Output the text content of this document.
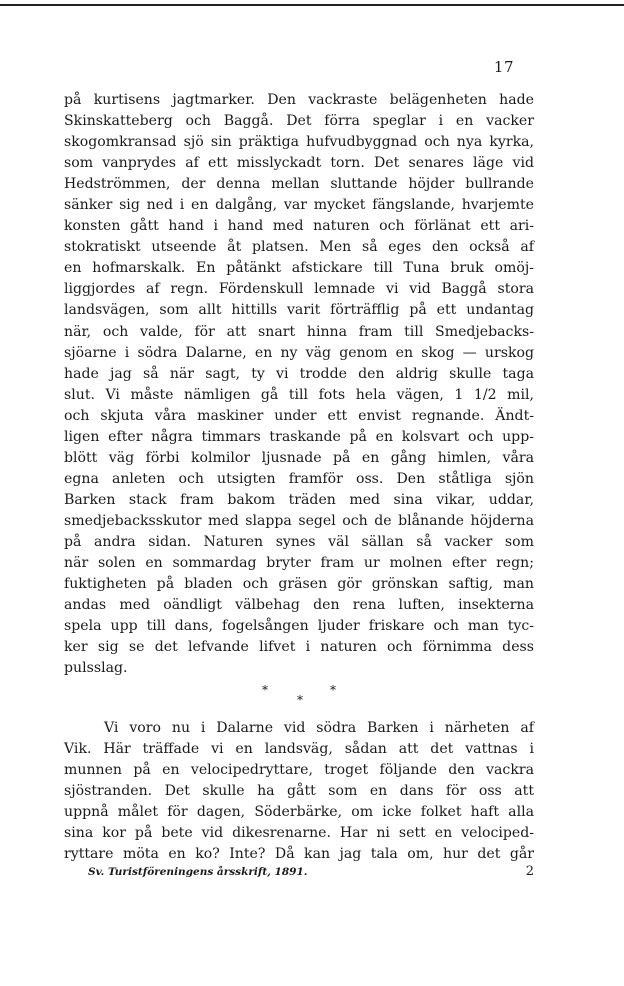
17
på kurtisens jagtmarker. Den vackraste belägenheten hade
Skinskatteberg och Baggå. Det förra speglar i en vacker
skogomkransad sjö sin präktiga hufvudbyggnad och nya kyrka,
som vanprydes af ett misslyckadt torn. Det senares läge vid
Hedströmmen, der denna mellan sluttande höjder bullrande
sänker sig ned i en dalgång, var mycket fängslande, hvarjemte
konsten gått hand i hand med naturen och förlänat ett ari-
stokratiskt utseende åt platsen. Men så eges den också af
en hofmarskalk. En påtänkt afstickare till Tuna bruk omöj-
liggjordes af regn. Fördenskull lemnade vi vid Baggå stora
landsvägen, som allt hittills varit förträfflig på ett undantag
när, och valde, för att snart hinna fram till Smedjebacks-
sjöarne i södra Dalarne, en ny väg genom en skog — urskog
hade jag så när sagt, ty vi trodde den aldrig skulle taga
slut. Vi måste nämligen gå till fots hela vägen, 1 1/2 mil,
och skjuta våra maskiner under ett envist regnande. Ändt-
ligen efter några timmars traskande på en kolsvart och upp-
blött väg förbi kolmilor ljusnade på en gång himlen, våra
egna anleten och utsigten framför oss. Den ståtliga sjön
Barken stack fram bakom träden med sina vikar, uddar,
smedjebacksskutor med slappa segel och de blånande höjderna
på andra sidan. Naturen synes väl sällan så vacker som
när solen en sommardag bryter fram ur molnen efter regn;
fuktigheten på bladen och gräsen gör grönskan saftig, man
andas med oändligt välbehag den rena luften, insekterna
spela upp till dans, fogelsången ljuder friskare och man tyc-
ker sig se det lefvande lifvet i naturen och förnimma dess
pulsslag.
*	*
*
Vi voro nu i Dalarne vid södra Barken i närheten af
Vik. Här träffade vi en landsväg, sådan att det vattnas i
munnen på en velocipedryttare, troget följande den vackra
sjöstranden. Det skulle ha gått som en dans för oss att
uppnå målet för dagen, Söderbärke, om icke folket haft alla
sina kor på bete vid dikesrenarne. Har ni sett en velociped-
ryttare möta en ko? Inte? Då kan jag tala om, hur det går
Sv. Turistföreningens årsskrift, 1891.	2
